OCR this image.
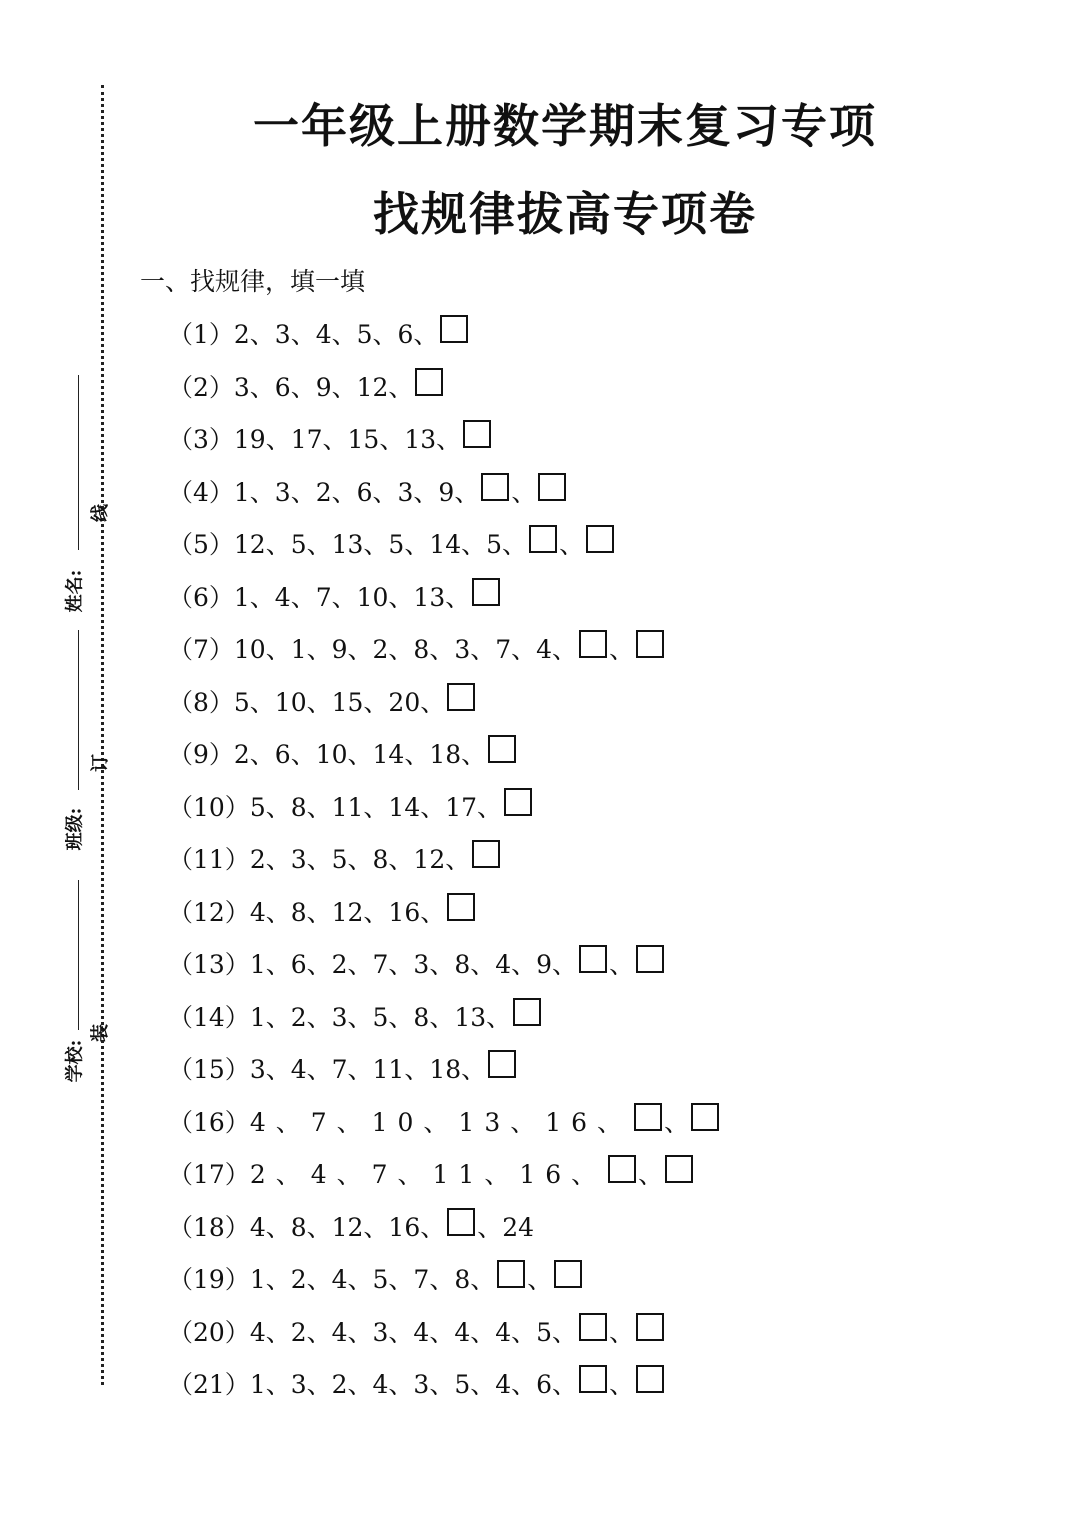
线
订
装
姓名:
班级:
学校:
一年级上册数学期末复习专项
找规律拔高专项卷
一、找规律，填一填
（1） 2、3、4、5、6、
（2） 3、6、9、12、
（3） 19、17、15、13、
（4） 1、3、2、6、3、9、 、
（5） 12、5、13、5、14、5、 、
（6） 1、4、7、10、13、
（7） 10、1、9、2、8、3、7、4、 、
（8） 5、10、15、20、
（9） 2、6、10、14、18、
（10） 5、8、11、14、17、
（11） 2、3、5、8、12、
（12） 4、8、12、16、
（13） 1、6、2、7、3、8、4、9、 、
（14） 1、2、3、5、8、13、
（15） 3、4、7、11、18、
（16） 4、7、10、13、16、 、
（17） 2、4、7、11、16、 、
（18） 4、8、12、16、 、24
（19） 1、2、4、5、7、8、 、
（20） 4、2、4、3、4、4、4、5、 、
（21） 1、3、2、4、3、5、4、6、 、
